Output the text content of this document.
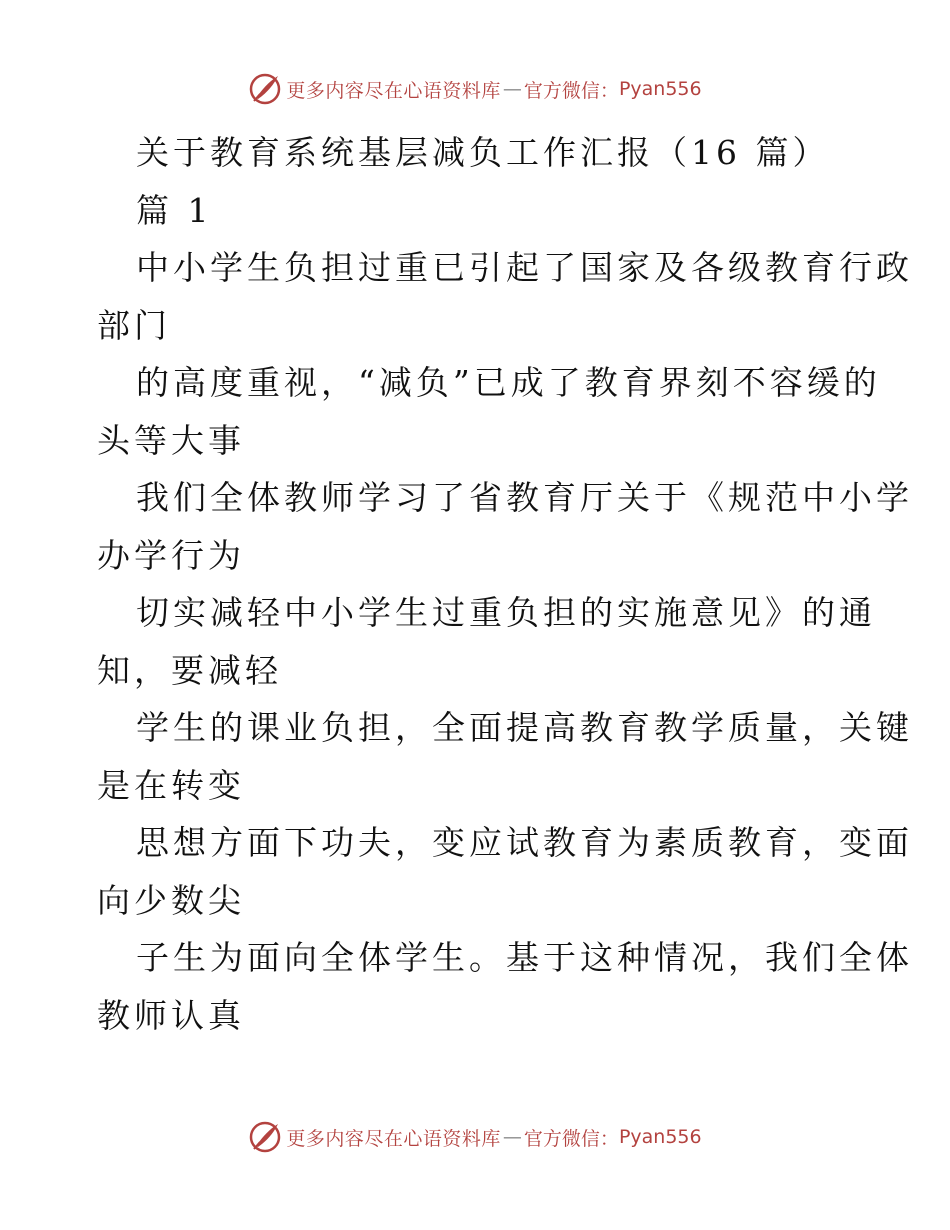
更多内容尽在心语资料库 — 官方微信： Pyan556
关于教育系统基层减负工作汇报（16 篇）
篇 1
中小学生负担过重已引起了国家及各级教育行政
部门
的高度重视，“减负”已成了教育界刻不容缓的
头等大事
我们全体教师学习了省教育厅关于《规范中小学
办学行为
切实减轻中小学生过重负担的实施意见》的通
知，要减轻
学生的课业负担，全面提高教育教学质量，关键
是在转变
思想方面下功夫，变应试教育为素质教育，变面
向少数尖
子生为面向全体学生。基于这种情况，我们全体
教师认真
更多内容尽在心语资料库 — 官方微信： Pyan556
